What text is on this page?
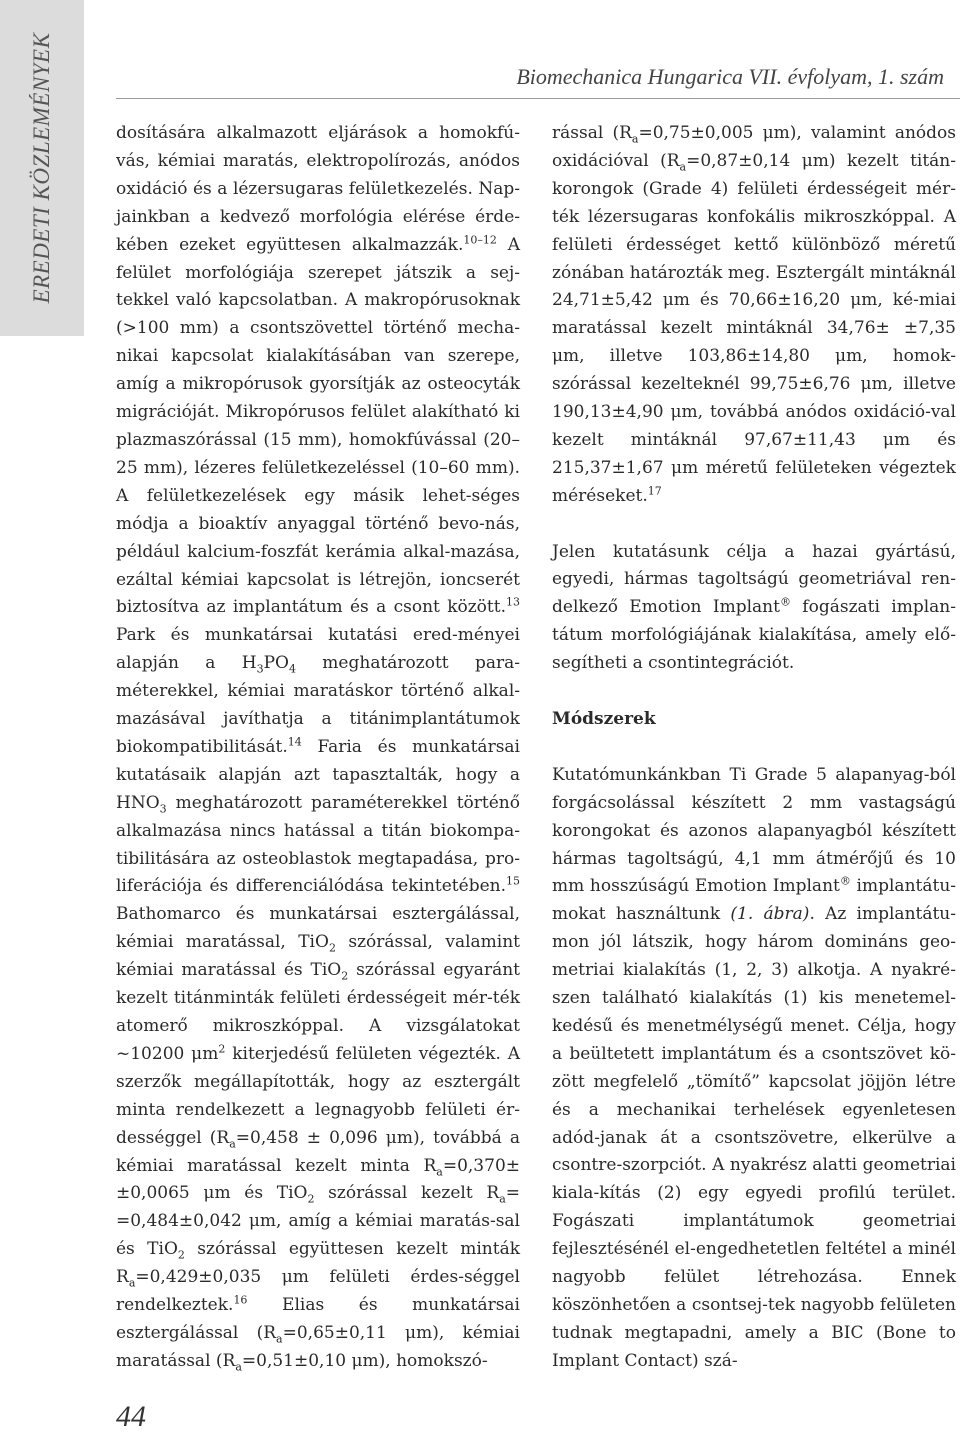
EREDETI KÖZLEMÉNYEK	Biomechanica Hungarica VII. évfolyam, 1. szám

dosítására alkalmazott eljárások a homokfú-vás, kémiai maratás, elektropolírozás, anódos oxidáció és a lézersugaras felületkezelés. Nap-jainkban a kedvező morfológia elérése érde-kében ezeket együttesen alkalmazzák.$^{10-12}$ A felület morfológiája szerepet játszik a sej-tekkel való kapcsolatban. A makropórusoknak (>100 mm) a csontszövettel történő mecha-nikai kapcsolat kialakításában van szerepe, amíg a mikropórusok gyorsítják az osteocyták migrációját. Mikropórusos felület alakítható ki plazmaszórással (15 mm), homokfúvással (20–25 mm), lézeres felületkezeléssel (10–60 mm). A felületkezelések egy másik lehet-séges módja a bioaktív anyaggal történő bevo-nás, például kalcium-foszfát kerámia alkal-mazása, ezáltal kémiai kapcsolat is létrejön, ioncserét biztosítva az implantátum és a csont között.$^{13}$ Park és munkatársai kutatási ered-ményei alapján a $H_3PO_4$ meghatározott para-méterekkel, kémiai maratáskor történő alkal-mazásával javíthatja a titánimplantátumok biokompatibilitását.$^{14}$ Faria és munkatársai kutatásaik alapján azt tapasztalták, hogy a $HNO_3$ meghatározott paraméterekkel történő alkalmazása nincs hatással a titán biokompa-tibilitására az osteoblastok megtapadása, pro-liferációja és differenciálódása tekintetében.$^{15}$ Bathomarco és munkatársai esztergálással, kémiai maratással, TiO$_2$ szórással, valamint kémiai maratással és TiO$_2$ szórással egyaránt kezelt titánminták felületi érdességeit mér-ték atomerő mikroszkóppal. A vizsgálatokat ~10200 $\mu m^2$ kiterjedésű felületen végezték. A szerzők megállapították, hogy az esztergált minta rendelkezett a legnagyobb felületi ér-dességgel ($R_a=0,458 \pm 0,096$ μm), továbbá a kémiai maratással kezelt minta $R_a=0,370\pm \pm 0,0065$ μm és TiO$_2$ szórással kezelt $R_a= =0,484\pm 0,042$ μm, amíg a kémiai maratás-sal és TiO$_2$ szórással együttesen kezelt minták $R_a=0,429\pm 0,035$ μm felületi érdes-séggel rendelkeztek.$^{16}$ Elias és munkatársai esztergálással ($R_a=0,65\pm 0,11$ μm), kémiai maratással ($R_a=0,51\pm 0,10$ μm), homokszó-

rással ($R_a=0,75\pm 0,005$ μm), valamint anódos oxidációval ($R_a=0,87\pm 0,14$ μm) kezelt titán-korongok (Grade 4) felületi érdességeit mér-ték lézersugaras konfokális mikroszkóppal. A felületi érdességet kettő különböző méretű zónában határozták meg. Esztergált mintáknál 24,71±5,42 μm és 70,66±16,20 μm, ké-miai maratással kezelt mintáknál 34,76± ±7,35 μm, illetve 103,86±14,80 μm, homok-szórással kezelteknél 99,75±6,76 μm, illetve 190,13±4,90 μm, továbbá anódos oxidáció-val kezelt mintáknál 97,67±11,43 μm és 215,37±1,67 μm méretű felületeken végeztek méréseket.$^{17}$

Jelen kutatásunk célja a hazai gyártású, egyedi, hármas tagoltságú geometriával ren-delkező Emotion Implant® fogászati implan-tátum morfológiájának kialakítása, amely elő-segítheti a csontintegrációt.

Módszerek

Kutatómunkánkban Ti Grade 5 alapanyag-ból forgácsolással készített 2 mm vastagságú korongokat és azonos alapanyagból készített hármas tagoltságú, 4,1 mm átmérőjű és 10 mm hosszúságú Emotion Implant® implantátu-mokat használtunk (1. ábra). Az implantátu-mon jól látszik, hogy három domináns geo-metriai kialakítás (1, 2, 3) alkotja. A nyakré-szen található kialakítás (1) kis menetemel-kedésű és menetmélységű menet. Célja, hogy a beültetett implantátum és a csontszövet kö-zött megfelelő „tömítő” kapcsolat jöjjön létre és a mechanikai terhelések egyenletesen adód-janak át a csontszövetre, elkerülve a csontre-szorpciót. A nyakrész alatti geometriai kiala-kítás (2) egy egyedi profilú terület. Fogászati implantátumok geometriai fejlesztésénél el-engedhetetlen feltétel a minél nagyobb felület létrehozása. Ennek köszönhetően a csontsej-tek nagyobb felületen tudnak megtapadni, amely a BIC (Bone to Implant Contact) szá-

44
